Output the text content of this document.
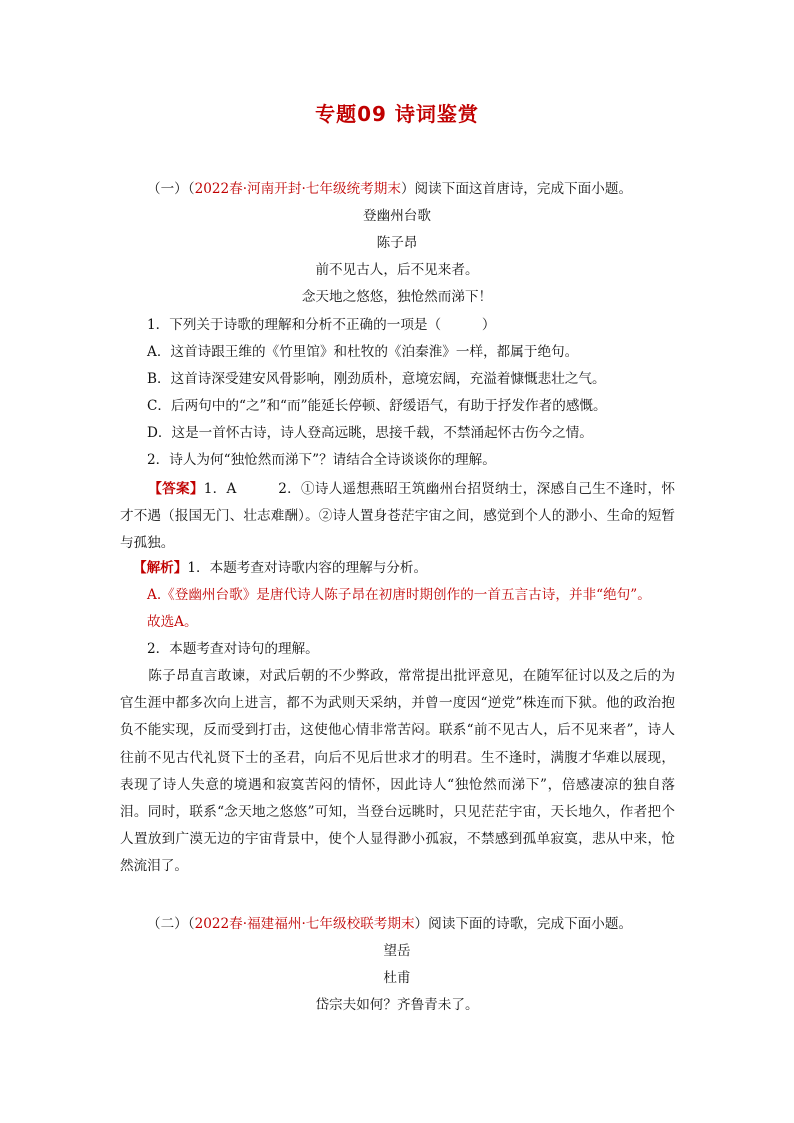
专题09 诗词鉴赏
（一）（2022春·河南开封·七年级统考期末）阅读下面这首唐诗，完成下面小题。
登幽州台歌
陈子昂
前不见古人，后不见来者。
念天地之悠悠，独怆然而涕下！
1．下列关于诗歌的理解和分析不正确的一项是（　　　）
A．这首诗跟王维的《竹里馆》和杜牧的《泊秦淮》一样，都属于绝句。
B．这首诗深受建安风骨影响，刚劲质朴，意境宏阔，充溢着慷慨悲壮之气。
C．后两句中的“之”和“而”能延长停顿、舒缓语气，有助于抒发作者的感慨。
D．这是一首怀古诗，诗人登高远眺，思接千载，不禁涌起怀古伤今之情。
2．诗人为何“独怆然而涕下”？请结合全诗谈谈你的理解。
【答案】1．A　　　2．①诗人遥想燕昭王筑幽州台招贤纳士，深感自己生不逢时，怀才不遇（报国无门、壮志难酬）。②诗人置身苍茫宇宙之间，感觉到个人的渺小、生命的短暂与孤独。
【解析】1．本题考查对诗歌内容的理解与分析。
A.《登幽州台歌》是唐代诗人陈子昂在初唐时期创作的一首五言古诗，并非“绝句”。
故选A。
2．本题考查对诗句的理解。
陈子昂直言敢谏，对武后朝的不少弊政，常常提出批评意见，在随军征讨以及之后的为官生涯中都多次向上进言，都不为武则天采纳，并曾一度因“逆党”株连而下狱。他的政治抱负不能实现，反而受到打击，这使他心情非常苦闷。联系“前不见古人，后不见来者”，诗人往前不见古代礼贤下士的圣君，向后不见后世求才的明君。生不逢时，满腹才华难以展现，表现了诗人失意的境遇和寂寞苦闷的情怀，因此诗人“独怆然而涕下”，倍感凄凉的独自落泪。同时，联系“念天地之悠悠”可知，当登台远眺时，只见茫茫宇宙，天长地久，作者把个人置放到广漠无边的宇宙背景中，使个人显得渺小孤寂，不禁感到孤单寂寞，悲从中来，怆然流泪了。
（二）（2022春·福建福州·七年级校联考期末）阅读下面的诗歌，完成下面小题。
望岳
杜甫
岱宗夫如何？齐鲁青未了。
